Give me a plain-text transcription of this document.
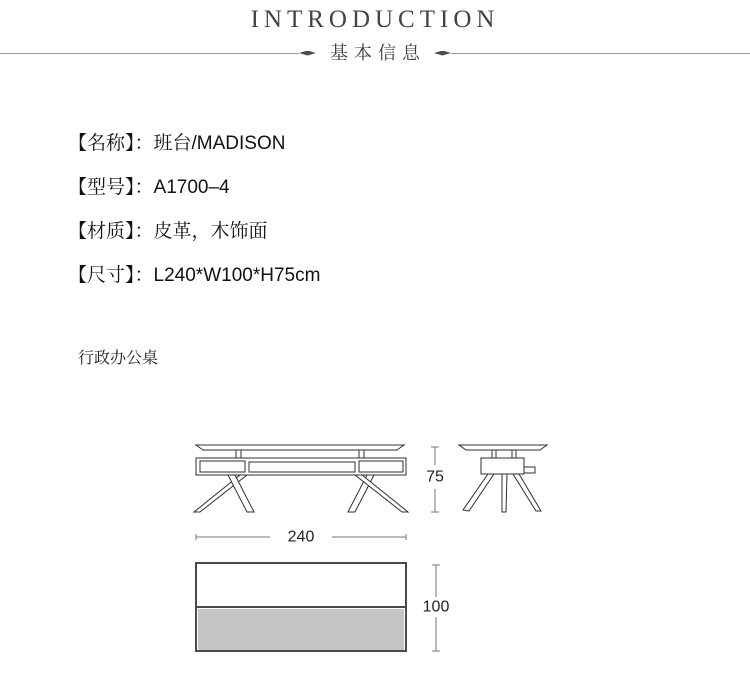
INTRODUCTION
基本信息
【名称】：班台/MADISON
【型号】：A1700–4
【材质】：皮革，木饰面
【尺寸】：L240*W100*H75cm
行政办公桌
75
240
100
